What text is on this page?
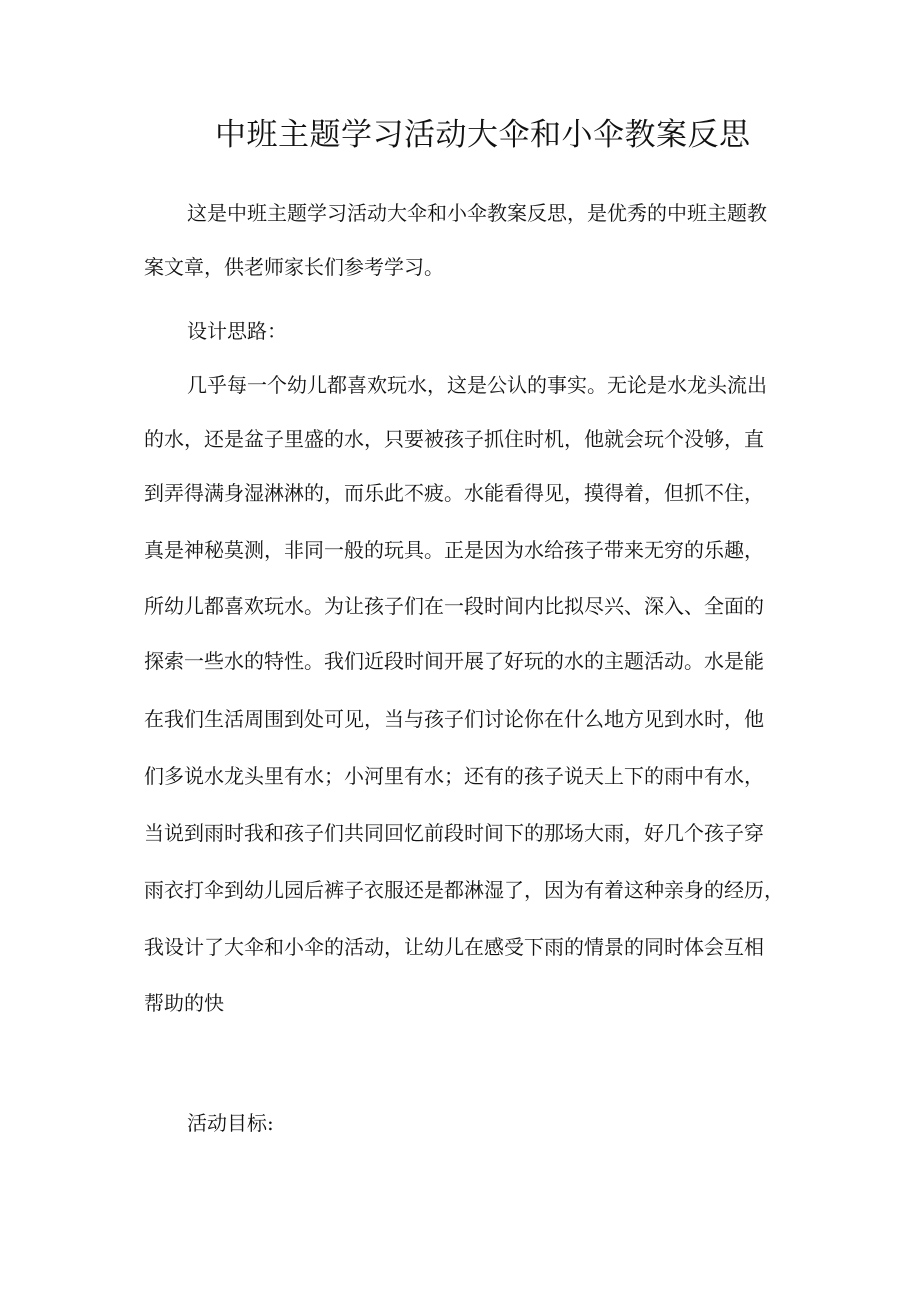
中班主题学习活动大伞和小伞教案反思
这是中班主题学习活动大伞和小伞教案反思，是优秀的中班主题教
案文章，供老师家长们参考学习。
设计思路：
几乎每一个幼儿都喜欢玩水，这是公认的事实。无论是水龙头流出
的水，还是盆子里盛的水，只要被孩子抓住时机，他就会玩个没够，直
到弄得满身湿淋淋的，而乐此不疲。水能看得见，摸得着，但抓不住，
真是神秘莫测，非同一般的玩具。正是因为水给孩子带来无穷的乐趣，
所幼儿都喜欢玩水。为让孩子们在一段时间内比拟尽兴、深入、全面的
探索一些水的特性。我们近段时间开展了好玩的水的主题活动。水是能
在我们生活周围到处可见，当与孩子们讨论你在什么地方见到水时，他
们多说水龙头里有水；小河里有水；还有的孩子说天上下的雨中有水，
当说到雨时我和孩子们共同回忆前段时间下的那场大雨，好几个孩子穿
雨衣打伞到幼儿园后裤子衣服还是都淋湿了，因为有着这种亲身的经历，
我设计了大伞和小伞的活动，让幼儿在感受下雨的情景的同时体会互相
帮助的快
活动目标:
